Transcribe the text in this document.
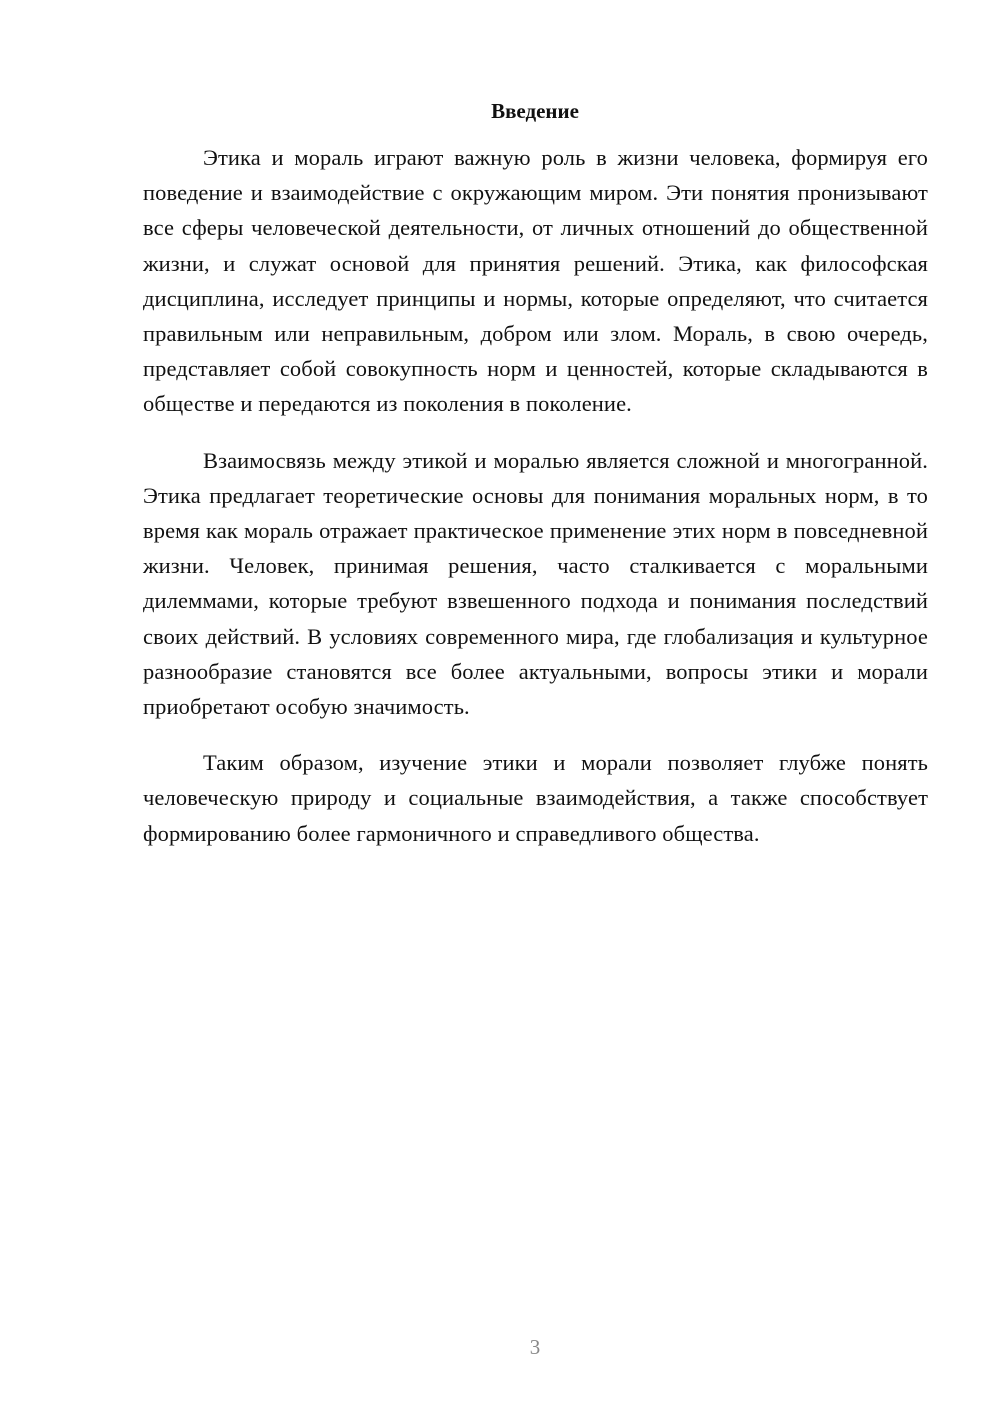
Введение

Этика и мораль играют важную роль в жизни человека, формируя его поведение и взаимодействие с окружающим миром. Эти понятия пронизывают все сферы человеческой деятельности, от личных отношений до общественной жизни, и служат основой для принятия решений. Этика, как философская дисциплина, исследует принципы и нормы, которые определяют, что считается правильным или неправильным, добром или злом. Мораль, в свою очередь, представляет собой совокупность норм и ценностей, которые складываются в обществе и передаются из поколения в поколение.

Взаимосвязь между этикой и моралью является сложной и многогранной. Этика предлагает теоретические основы для понимания моральных норм, в то время как мораль отражает практическое применение этих норм в повседневной жизни. Человек, принимая решения, часто сталкивается с моральными дилеммами, которые требуют взвешенного подхода и понимания последствий своих действий. В условиях современного мира, где глобализация и культурное разнообразие становятся все более актуальными, вопросы этики и морали приобретают особую значимость.

Таким образом, изучение этики и морали позволяет глубже понять человеческую природу и социальные взаимодействия, а также способствует формированию более гармоничного и справедливого общества.

3
